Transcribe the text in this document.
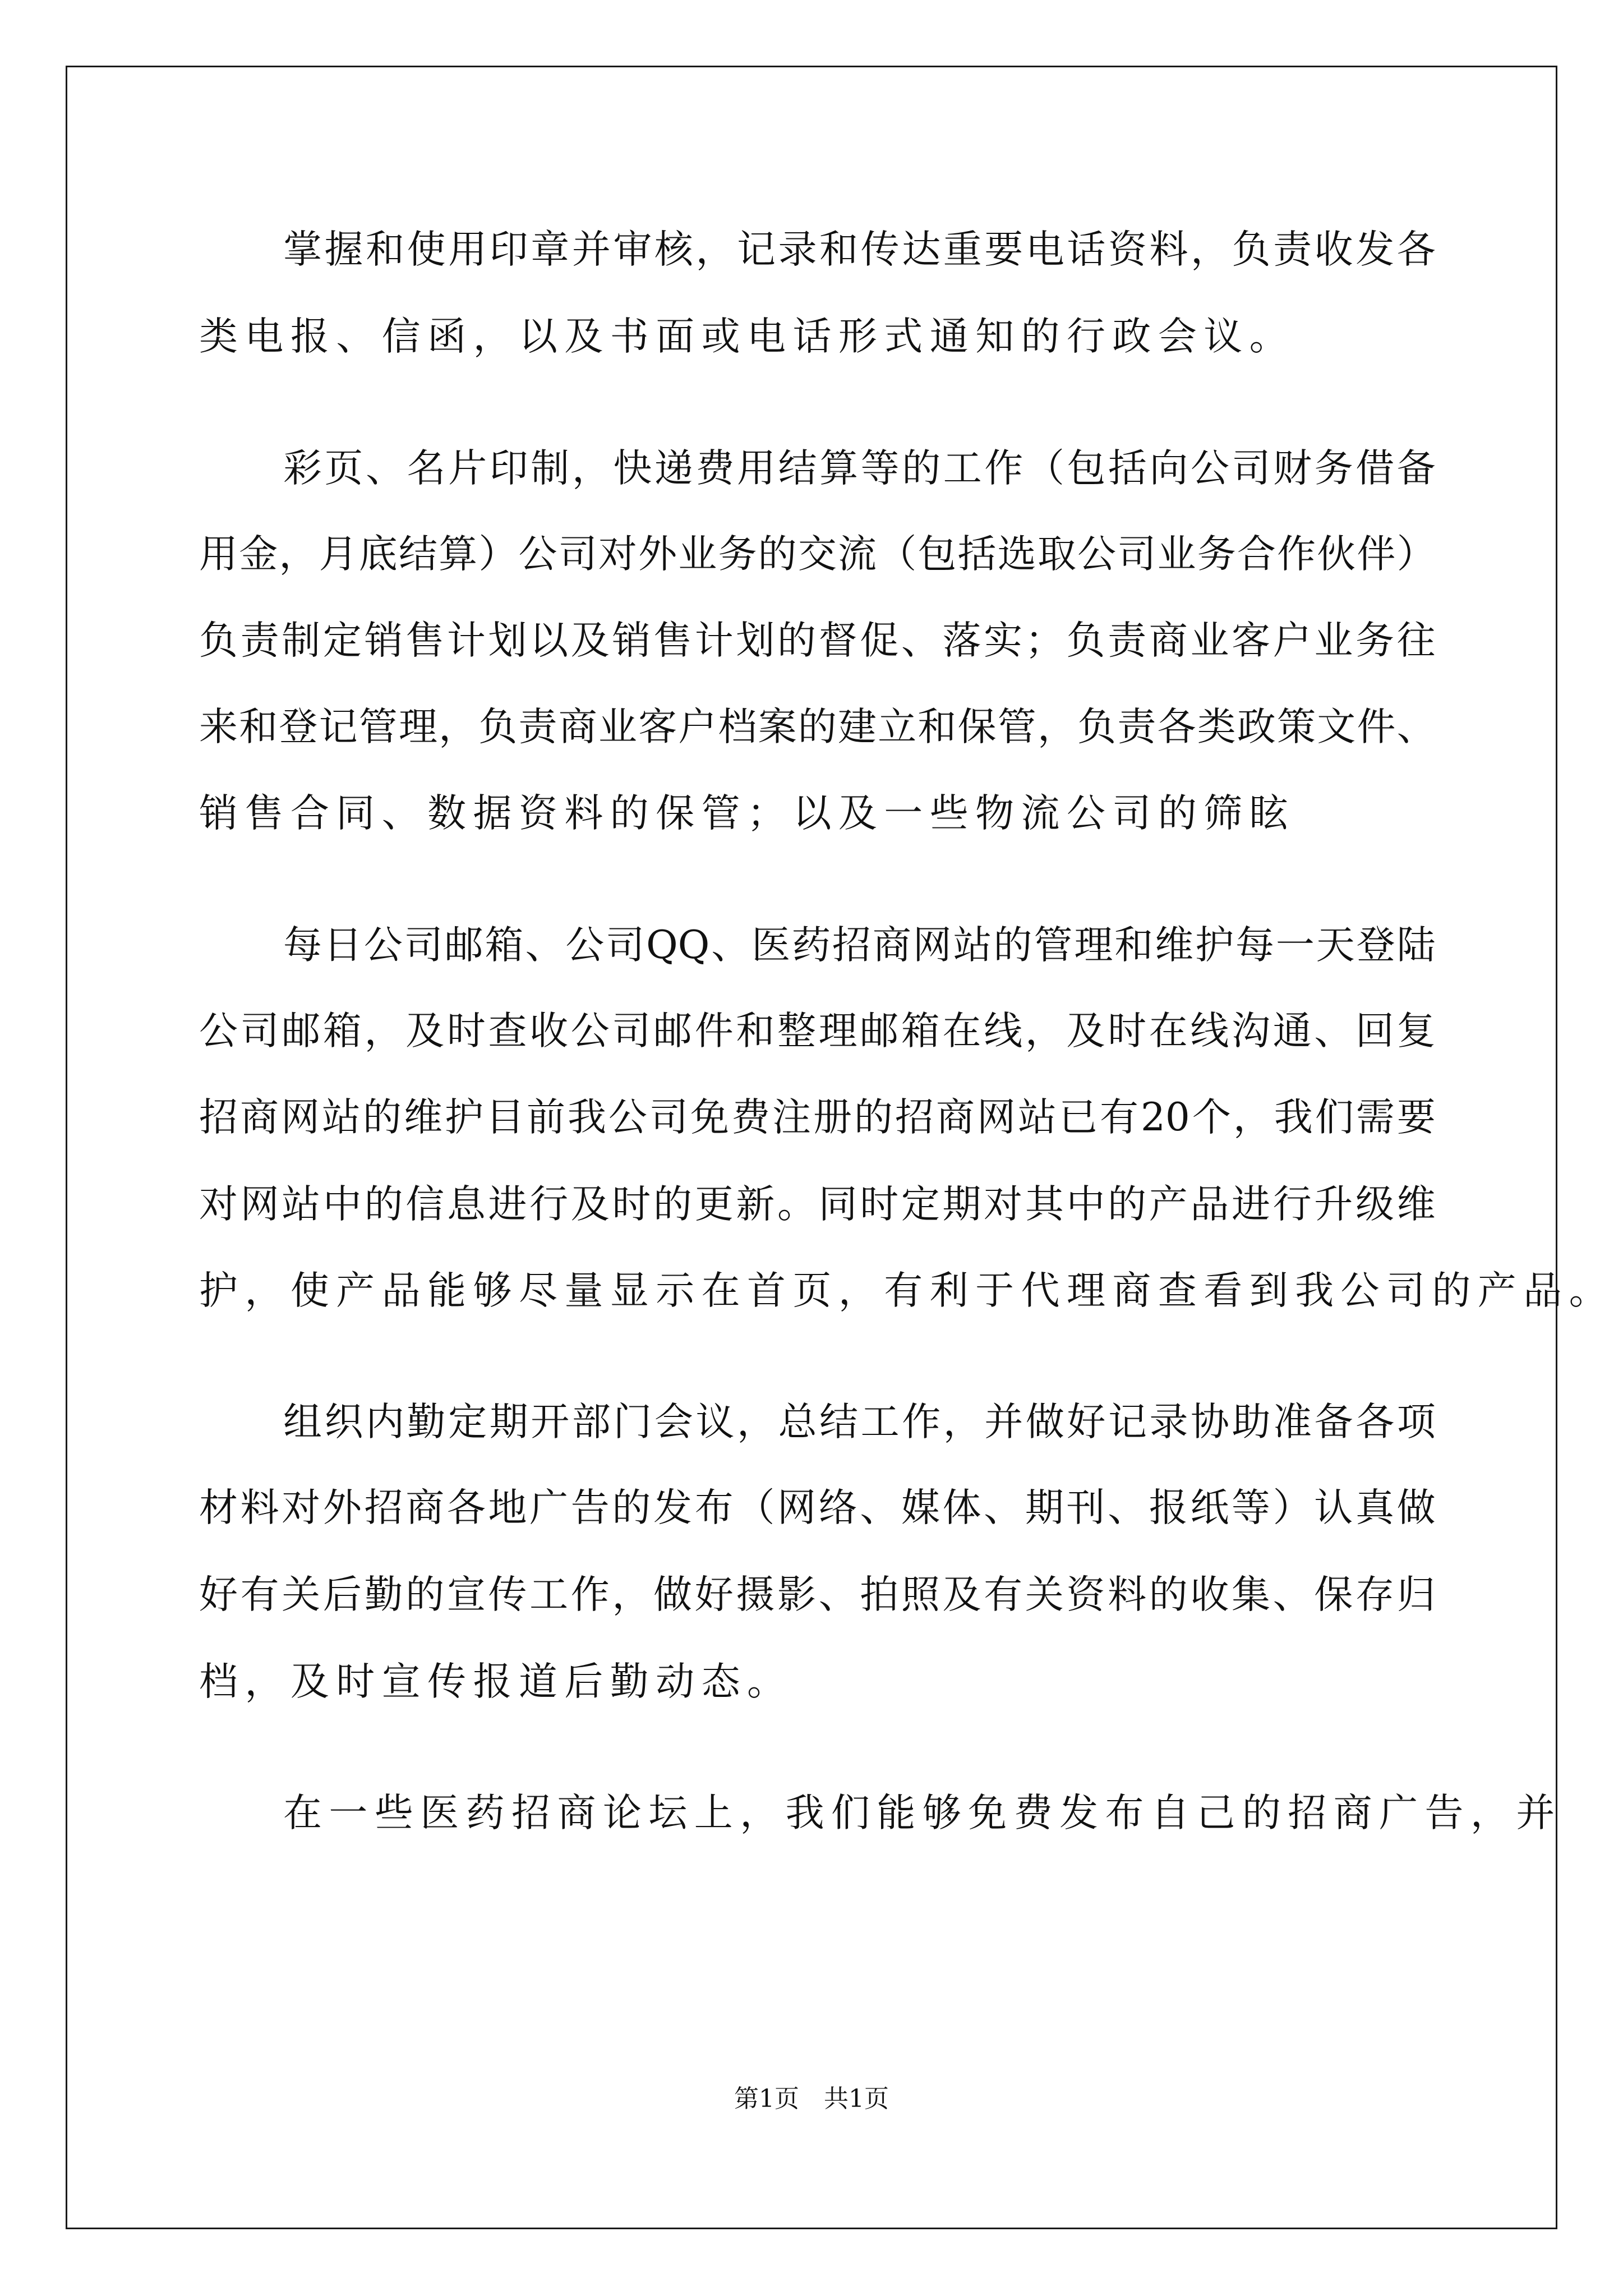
掌 握 和 使 用 印 章 并 审 核 ， 记 录 和 传 达 重 要 电 话 资 料 ， 负 责 收 发 各
类电报、信函，以及书面或电话形式通知的行政会议。
彩 页 、 名 片 印 制 ， 快 递 费 用 结 算 等 的 工 作 （ 包 括 向 公 司 财 务 借 备
用 金 ， 月 底 结 算 ） 公 司 对 外 业 务 的 交 流 （ 包 括 选 取 公 司 业 务 合 作 伙 伴 ）
负 责 制 定 销 售 计 划 以 及 销 售 计 划 的 督 促 、 落 实 ； 负 责 商 业 客 户 业 务 往
来 和 登 记 管 理 ， 负 责 商 业 客 户 档 案 的 建 立 和 保 管 ， 负 责 各 类 政 策 文 件 、
销售合同、数据资料的保管；以及一些物流公司的筛眩
每 日 公 司 邮 箱 、 公 司 QQ 、 医 药 招 商 网 站 的 管 理 和 维 护 每 一 天 登 陆
公 司 邮 箱 ， 及 时 查 收 公 司 邮 件 和 整 理 邮 箱 在 线 ， 及 时 在 线 沟 通 、 回 复
招 商 网 站 的 维 护 目 前 我 公 司 免 费 注 册 的 招 商 网 站 已 有 20 个 ， 我 们 需 要
对 网 站 中 的 信 息 进 行 及 时 的 更 新 。 同 时 定 期 对 其 中 的 产 品 进 行 升 级 维
护，使产品能够尽量显示在首页，有利于代理商查看到我公司的产品。
组 织 内 勤 定 期 开 部 门 会 议 ， 总 结 工 作 ， 并 做 好 记 录 协 助 准 备 各 项
材 料 对 外 招 商 各 地 广 告 的 发 布 （ 网 络 、 媒 体 、 期 刊 、 报 纸 等 ） 认 真 做
好 有 关 后 勤 的 宣 传 工 作 ， 做 好 摄 影 、 拍 照 及 有 关 资 料 的 收 集 、 保 存 归
档，及时宣传报道后勤动态。
在一些医药招商论坛上，我们能够免费发布自己的招商广告，并
第1页　共1页
